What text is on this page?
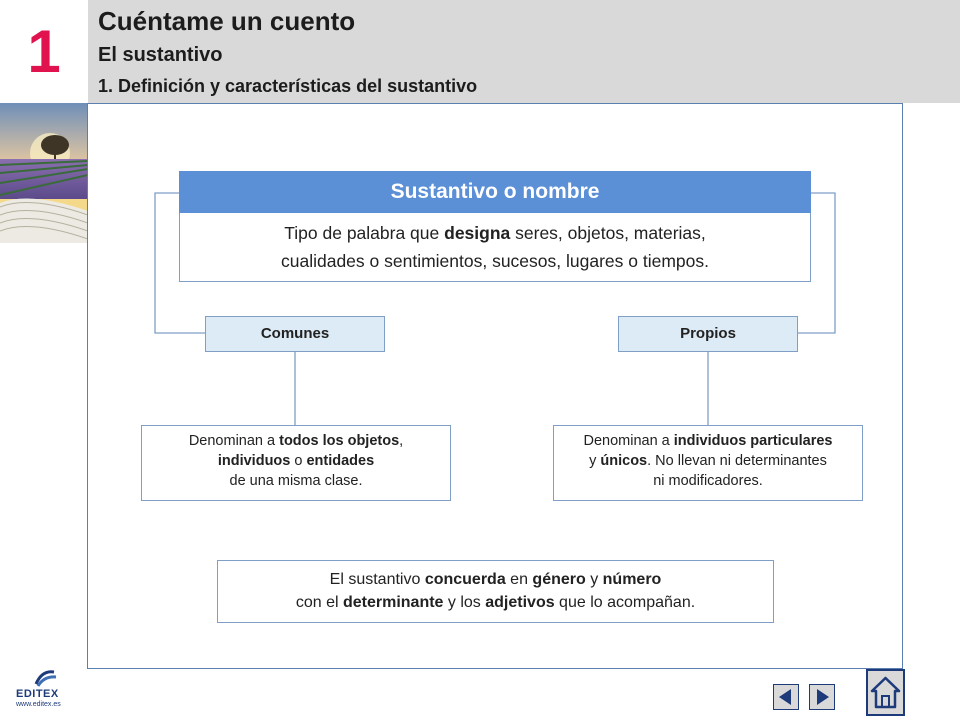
1	Cuéntame un cuento
El sustantivo
1. Definición y características del sustantivo
Sustantivo o nombre
Tipo de palabra que designa seres, objetos, materias,
cualidades o sentimientos, sucesos, lugares o tiempos.
Comunes	Propios
Denominan a todos los objetos,
individuos o entidades
de una misma clase.
Denominan a individuos particulares
y únicos. No llevan ni determinantes
ni modificadores.
El sustantivo concuerda en género y número
con el determinante y los adjetivos que lo acompañan.
EDITEX
www.editex.es
